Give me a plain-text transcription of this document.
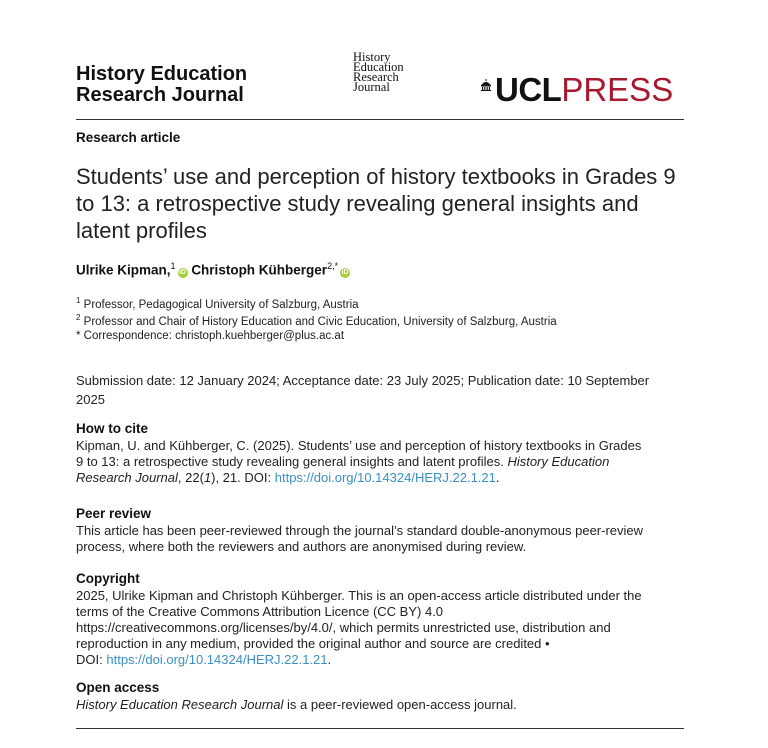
History Education
Research Journal
History
Education
Research
Journal	UCLPRESS
Research article
Students’ use and perception of history textbooks in Grades 9 to 13: a retrospective study revealing general insights and latent profiles
Ulrike Kipman,$^1$iD Christoph Kühberger$^{2,*}$iD
$^1$ Professor, Pedagogical University of Salzburg, Austria
$^2$ Professor and Chair of History Education and Civic Education, University of Salzburg, Austria
* Correspondence: christoph.kuehberger@plus.ac.at
Submission date: 12 January 2024; Acceptance date: 23 July 2025; Publication date: 10 September 2025
How to cite
Kipman, U. and Kühberger, C. (2025). Students’ use and perception of history textbooks in Grades
9 to 13: a retrospective study revealing general insights and latent profiles. History Education
Research Journal, 22(1), 21. DOI: https://doi.org/10.14324/HERJ.22.1.21.
Peer review
This article has been peer-reviewed through the journal’s standard double-anonymous peer-review
process, where both the reviewers and authors are anonymised during review.
Copyright
2025, Ulrike Kipman and Christoph Kühberger. This is an open-access article distributed under the
terms of the Creative Commons Attribution Licence (CC BY) 4.0
https://creativecommons.org/licenses/by/4.0/, which permits unrestricted use, distribution and
reproduction in any medium, provided the original author and source are credited •
DOI: https://doi.org/10.14324/HERJ.22.1.21.
Open access
History Education Research Journal is a peer-reviewed open-access journal.
